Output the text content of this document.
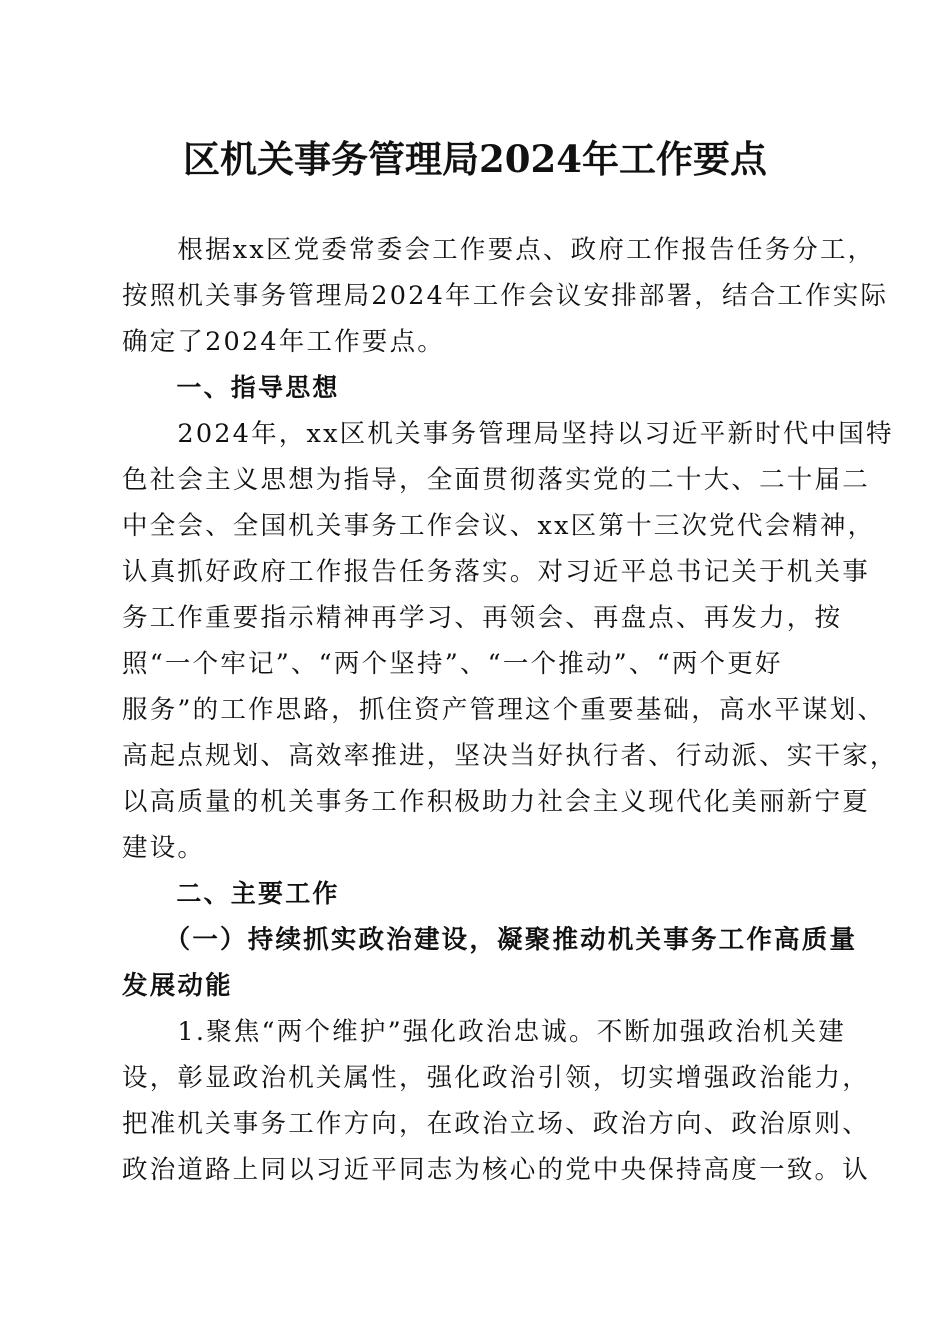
区机关事务管理局2024年工作要点
　　根据xx区党委常委会工作要点、政府工作报告任务分工，
按照机关事务管理局2024年工作会议安排部署，结合工作实际
确定了2024年工作要点。
　　一、指导思想
　　2024年，xx区机关事务管理局坚持以习近平新时代中国特
色社会主义思想为指导，全面贯彻落实党的二十大、二十届二
中全会、全国机关事务工作会议、xx区第十三次党代会精神，
认真抓好政府工作报告任务落实。对习近平总书记关于机关事
务工作重要指示精神再学习、再领会、再盘点、再发力，按
照“一个牢记”、“两个坚持”、“一个推动”、“两个更好
服务”的工作思路，抓住资产管理这个重要基础，高水平谋划、
高起点规划、高效率推进，坚决当好执行者、行动派、实干家，
以高质量的机关事务工作积极助力社会主义现代化美丽新宁夏
建设。
　　二、主要工作
　　（一）持续抓实政治建设，凝聚推动机关事务工作高质量
发展动能
　　1.聚焦“两个维护”强化政治忠诚。不断加强政治机关建
设，彰显政治机关属性，强化政治引领，切实增强政治能力，
把准机关事务工作方向，在政治立场、政治方向、政治原则、
政治道路上同以习近平同志为核心的党中央保持高度一致。认
